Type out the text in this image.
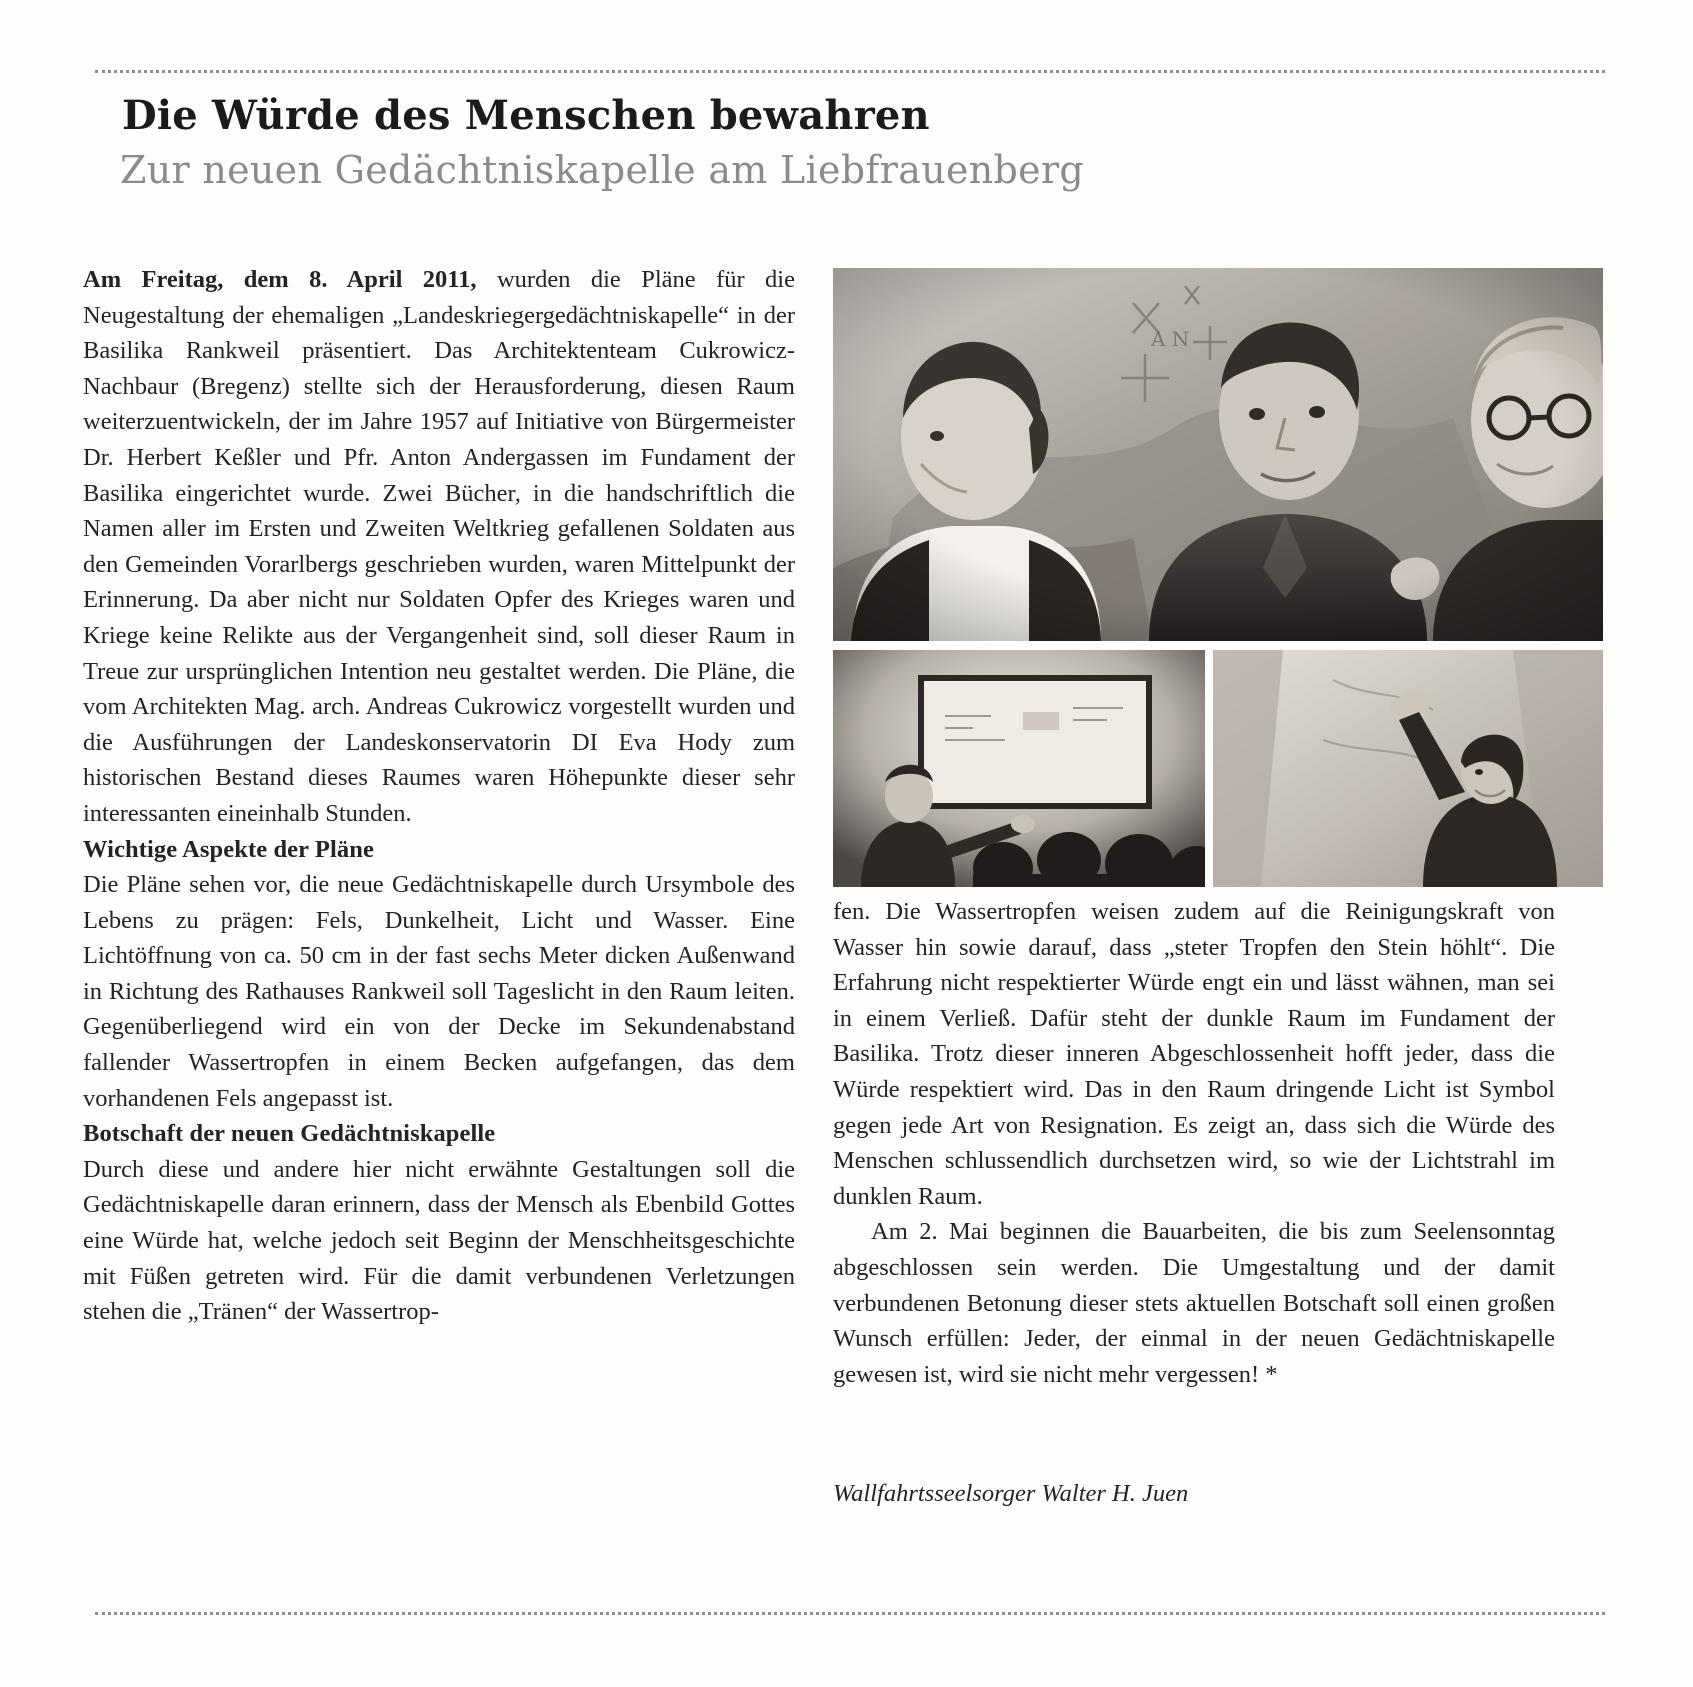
Die Würde des Menschen bewahren
Zur neuen Gedächtniskapelle am Liebfrauenberg

Am Freitag, dem 8. April 2011, wurden die Pläne für die Neugestaltung der ehemaligen „Landeskriegergedächtniskapelle“ in der Basilika Rankweil präsentiert. Das Architektenteam Cukrowicz-Nachbaur (Bregenz) stellte sich der Herausforderung, diesen Raum weiterzuentwickeln, der im Jahre 1957 auf Initiative von Bürgermeister Dr. Herbert Keßler und Pfr. Anton Andergassen im Fundament der Basilika eingerichtet wurde. Zwei Bücher, in die handschriftlich die Namen aller im Ersten und Zweiten Weltkrieg gefallenen Soldaten aus den Gemeinden Vorarlbergs geschrieben wurden, waren Mittelpunkt der Erinnerung. Da aber nicht nur Soldaten Opfer des Krieges waren und Kriege keine Relikte aus der Vergangenheit sind, soll dieser Raum in Treue zur ursprünglichen Intention neu gestaltet werden. Die Pläne, die vom Architekten Mag. arch. Andreas Cukrowicz vorgestellt wurden und die Ausführungen der Landeskonservatorin DI Eva Hody zum historischen Bestand dieses Raumes waren Höhepunkte dieser sehr interessanten eineinhalb Stunden.

Wichtige Aspekte der Pläne

Die Pläne sehen vor, die neue Gedächtniskapelle durch Ursymbole des Lebens zu prägen: Fels, Dunkelheit, Licht und Wasser. Eine Lichtöffnung von ca. 50 cm in der fast sechs Meter dicken Außenwand in Richtung des Rathauses Rankweil soll Tageslicht in den Raum leiten. Gegenüberliegend wird ein von der Decke im Sekundenabstand fallender Wassertropfen in einem Becken aufgefangen, das dem vorhandenen Fels angepasst ist.

Botschaft der neuen Gedächtniskapelle

Durch diese und andere hier nicht erwähnte Gestaltungen soll die Gedächtniskapelle daran erinnern, dass der Mensch als Ebenbild Gottes eine Würde hat, welche jedoch seit Beginn der Menschheitsgeschichte mit Füßen getreten wird. Für die damit verbundenen Verletzungen stehen die „Tränen“ der Wassertrop-

fen. Die Wassertropfen weisen zudem auf die Reinigungskraft von Wasser hin sowie darauf, dass „steter Tropfen den Stein höhlt“. Die Erfahrung nicht respektierter Würde engt ein und lässt wähnen, man sei in einem Verließ. Dafür steht der dunkle Raum im Fundament der Basilika. Trotz dieser inneren Abgeschlossenheit hofft jeder, dass die Würde respektiert wird. Das in den Raum dringende Licht ist Symbol gegen jede Art von Resignation. Es zeigt an, dass sich die Würde des Menschen schlussendlich durchsetzen wird, so wie der Lichtstrahl im dunklen Raum.

Am 2. Mai beginnen die Bauarbeiten, die bis zum Seelensonntag abgeschlossen sein werden. Die Umgestaltung und der damit verbundenen Betonung dieser stets aktuellen Botschaft soll einen großen Wunsch erfüllen: Jeder, der einmal in der neuen Gedächtniskapelle gewesen ist, wird sie nicht mehr vergessen! *

Wallfahrtsseelsorger Walter H. Juen
